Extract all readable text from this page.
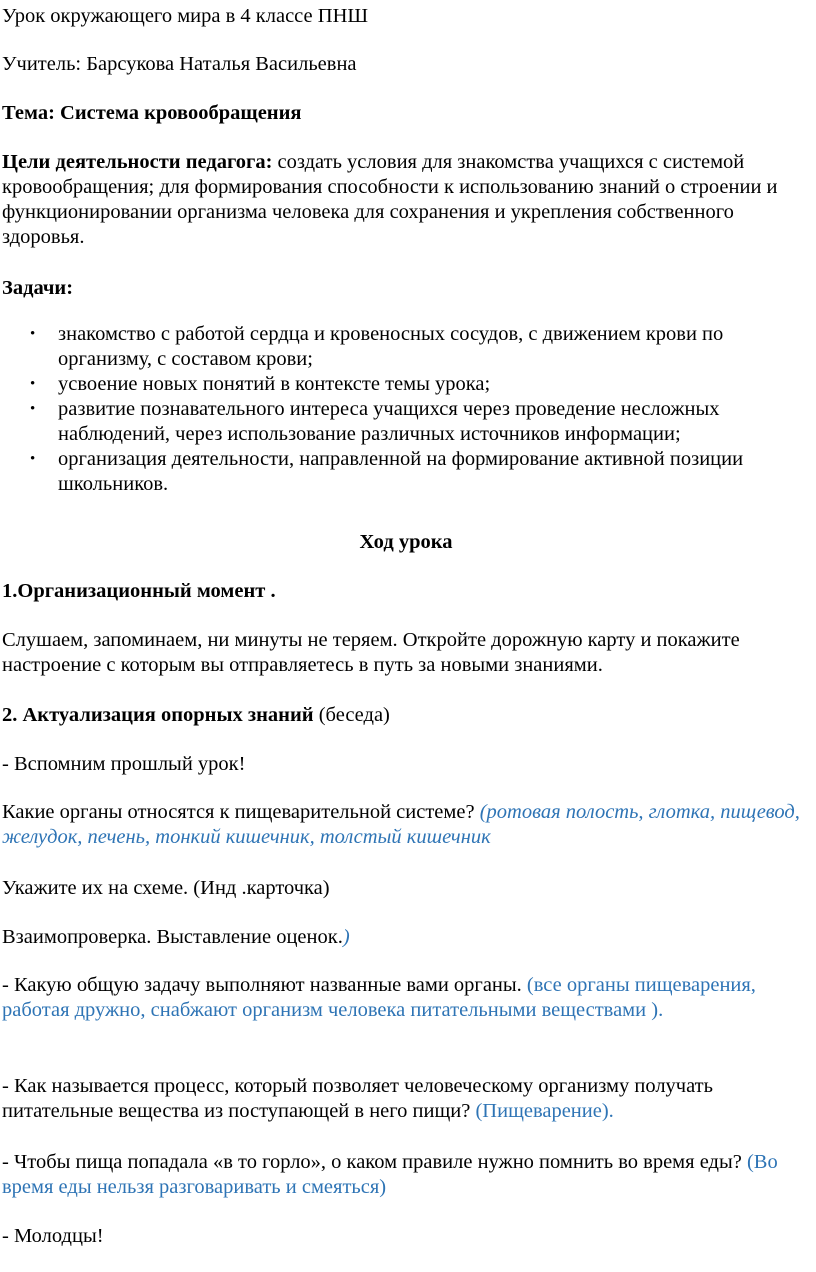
Урок окружающего мира в 4 классе ПНШ

Учитель: Барсукова Наталья Васильевна

Тема: Система кровообращения

Цели деятельности педагога: создать условия для знакомства учащихся с системой кровообращения; для формирования способности к использованию знаний о строении и функционировании организма человека для сохранения и укрепления собственного здоровья.

Задачи:

• знакомство с работой сердца и кровеносных сосудов, с движением крови по организму, с составом крови;
• усвоение новых понятий в контексте темы урока;
• развитие познавательного интереса учащихся через проведение несложных наблюдений, через использование различных источников информации;
• организация деятельности, направленной на формирование активной позиции школьников.

Ход урока

1.Организационный момент .

Слушаем, запоминаем, ни минуты не теряем. Откройте дорожную карту и покажите настроение с которым вы отправляетесь в путь за новыми знаниями.

2. Актуализация опорных знаний (беседа)

- Вспомним прошлый урок!

Какие органы относятся к пищеварительной системе? (ротовая полость, глотка, пищевод, желудок, печень, тонкий кишечник, толстый кишечник

Укажите их на схеме. (Инд .карточка)

Взаимопроверка. Выставление оценок.)

- Какую общую задачу выполняют названные вами органы. (все органы пищеварения, работая дружно, снабжают организм человека питательными веществами ).

- Как называется процесс, который позволяет человеческому организму получать питательные вещества из поступающей в него пищи? (Пищеварение).

- Чтобы пища попадала «в то горло», о каком правиле нужно помнить во время еды? (Во время еды нельзя разговаривать и смеяться)

- Молодцы!
